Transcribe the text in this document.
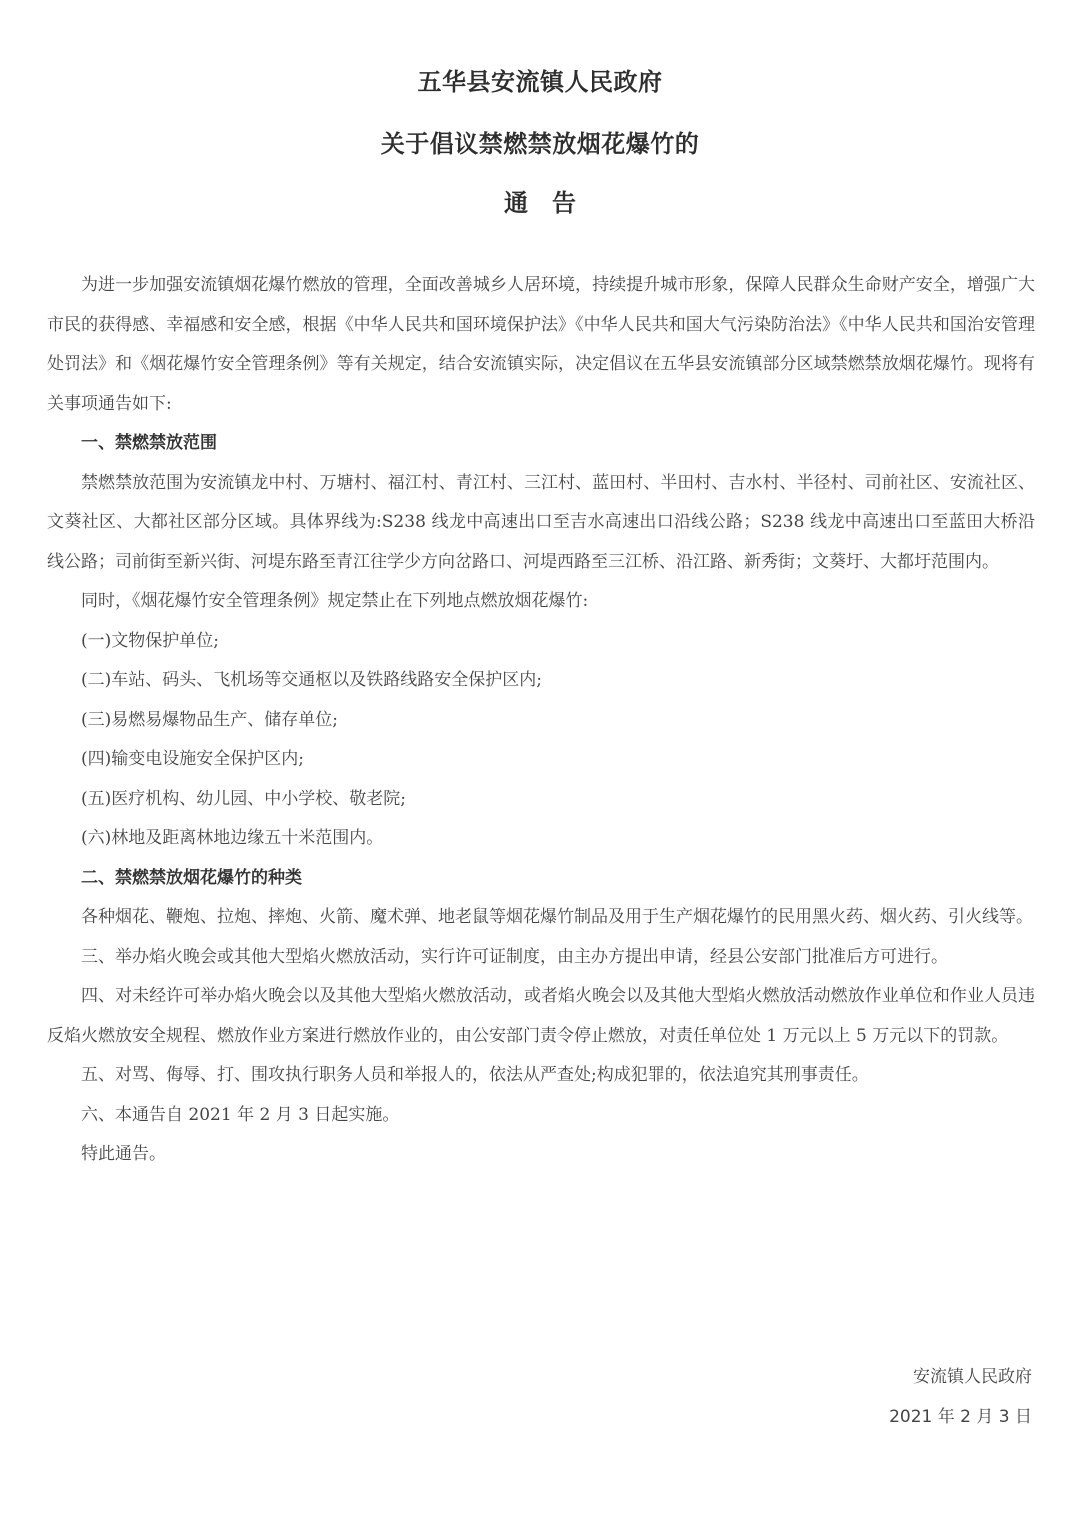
五华县安流镇人民政府
关于倡议禁燃禁放烟花爆竹的
通告

为进一步加强安流镇烟花爆竹燃放的管理，全面改善城乡人居环境，持续提升城市形象，保障人民群众生命财产安全，增强广大市民的获得感、幸福感和安全感，根据《中华人民共和国环境保护法》《中华人民共和国大气污染防治法》《中华人民共和国治安管理处罚法》和《烟花爆竹安全管理条例》等有关规定，结合安流镇实际，决定倡议在五华县安流镇部分区域禁燃禁放烟花爆竹。现将有关事项通告如下:

一、禁燃禁放范围

禁燃禁放范围为安流镇龙中村、万塘村、福江村、青江村、三江村、蓝田村、半田村、吉水村、半径村、司前社区、安流社区、文葵社区、大都社区部分区域。具体界线为:S238 线龙中高速出口至吉水高速出口沿线公路；S238 线龙中高速出口至蓝田大桥沿线公路；司前街至新兴街、河堤东路至青江往学少方向岔路口、河堤西路至三江桥、沿江路、新秀街；文葵圩、大都圩范围内。

同时，《烟花爆竹安全管理条例》规定禁止在下列地点燃放烟花爆竹:

(一)文物保护单位;

(二)车站、码头、飞机场等交通枢以及铁路线路安全保护区内;

(三)易燃易爆物品生产、储存单位;

(四)输变电设施安全保护区内;

(五)医疗机构、幼儿园、中小学校、敬老院;

(六)林地及距离林地边缘五十米范围内。

二、禁燃禁放烟花爆竹的种类

各种烟花、鞭炮、拉炮、摔炮、火箭、魔术弹、地老鼠等烟花爆竹制品及用于生产烟花爆竹的民用黑火药、烟火药、引火线等。

三、举办焰火晚会或其他大型焰火燃放活动，实行许可证制度，由主办方提出申请，经县公安部门批准后方可进行。

四、对未经许可举办焰火晚会以及其他大型焰火燃放活动，或者焰火晚会以及其他大型焰火燃放活动燃放作业单位和作业人员违反焰火燃放安全规程、燃放作业方案进行燃放作业的，由公安部门责令停止燃放，对责任单位处 1 万元以上 5 万元以下的罚款。

五、对骂、侮辱、打、围攻执行职务人员和举报人的，依法从严查处;构成犯罪的，依法追究其刑事责任。

六、本通告自 2021 年 2 月 3 日起实施。

特此通告。

安流镇人民政府
2021 年 2 月 3 日
